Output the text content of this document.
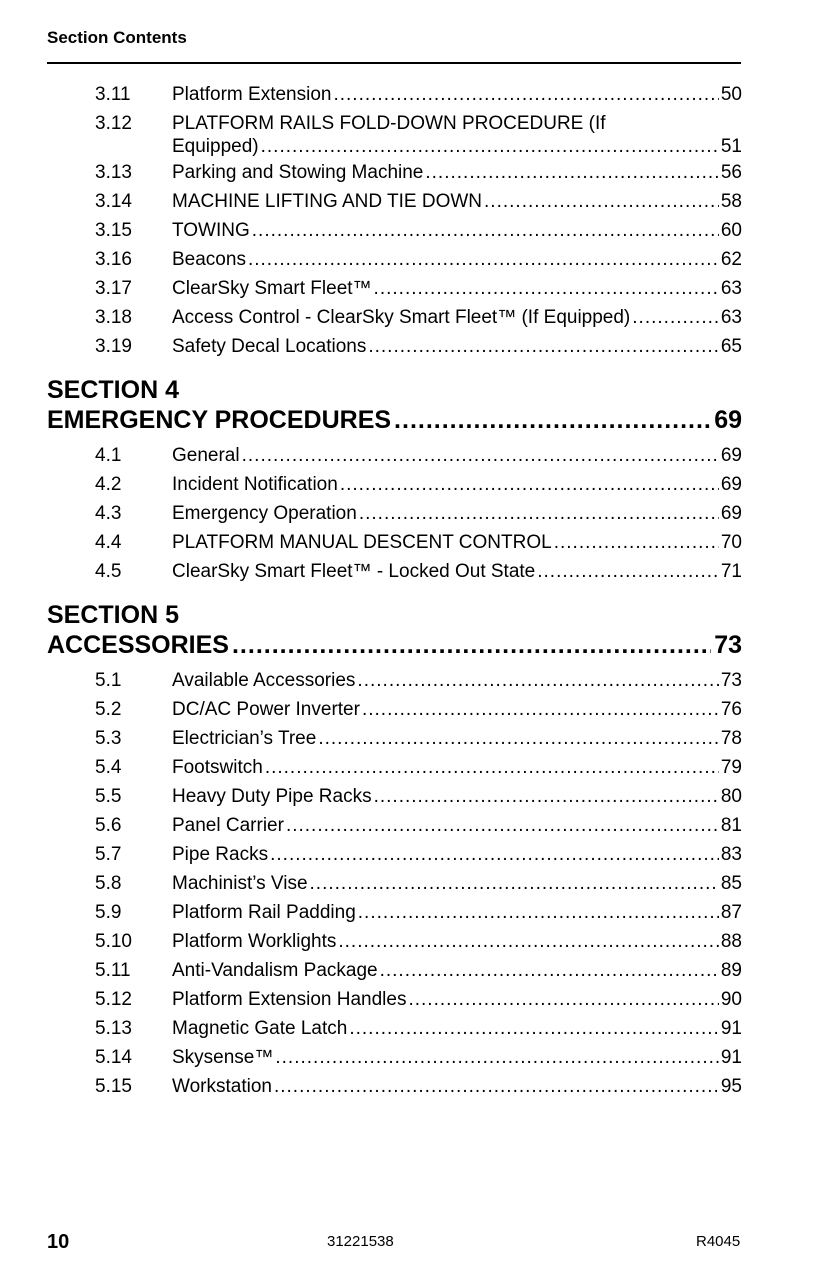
Section Contents
3.11 Platform Extension .....	50
3.12 PLATFORM RAILS FOLD-DOWN PROCEDURE (If
Equipped) .....	51
3.13 Parking and Stowing Machine .....	56
3.14 MACHINE LIFTING AND TIE DOWN .....	58
3.15 TOWING .....	60
3.16 Beacons .....	62
3.17 ClearSky Smart Fleet™ .....	63
3.18 Access Control - ClearSky Smart Fleet™ (If Equipped) .....	63
3.19 Safety Decal Locations .....	65
SECTION 4
EMERGENCY PROCEDURES .....	69
4.1	General .....	69
4.2	Incident Notification .....	69
4.3	Emergency Operation .....	69
4.4	PLATFORM MANUAL DESCENT CONTROL .....	70
4.5	ClearSky Smart Fleet™ - Locked Out State .....	71
SECTION 5
ACCESSORIES .....	73
5.1	Available Accessories .....	73
5.2	DC/AC Power Inverter .....	76
5.3	Electrician’s Tree .....	78
5.4	Footswitch .....	79
5.5	Heavy Duty Pipe Racks .....	80
5.6	Panel Carrier .....	81
5.7	Pipe Racks .....	83
5.8	Machinist’s Vise .....	85
5.9	Platform Rail Padding .....	87
5.10 Platform Worklights .....	88
5.11 Anti-Vandalism Package .....	89
5.12 Platform Extension Handles .....	90
5.13 Magnetic Gate Latch .....	91
5.14 Skysense™ .....	91
5.15 Workstation .....	95
10	31221538	R4045
